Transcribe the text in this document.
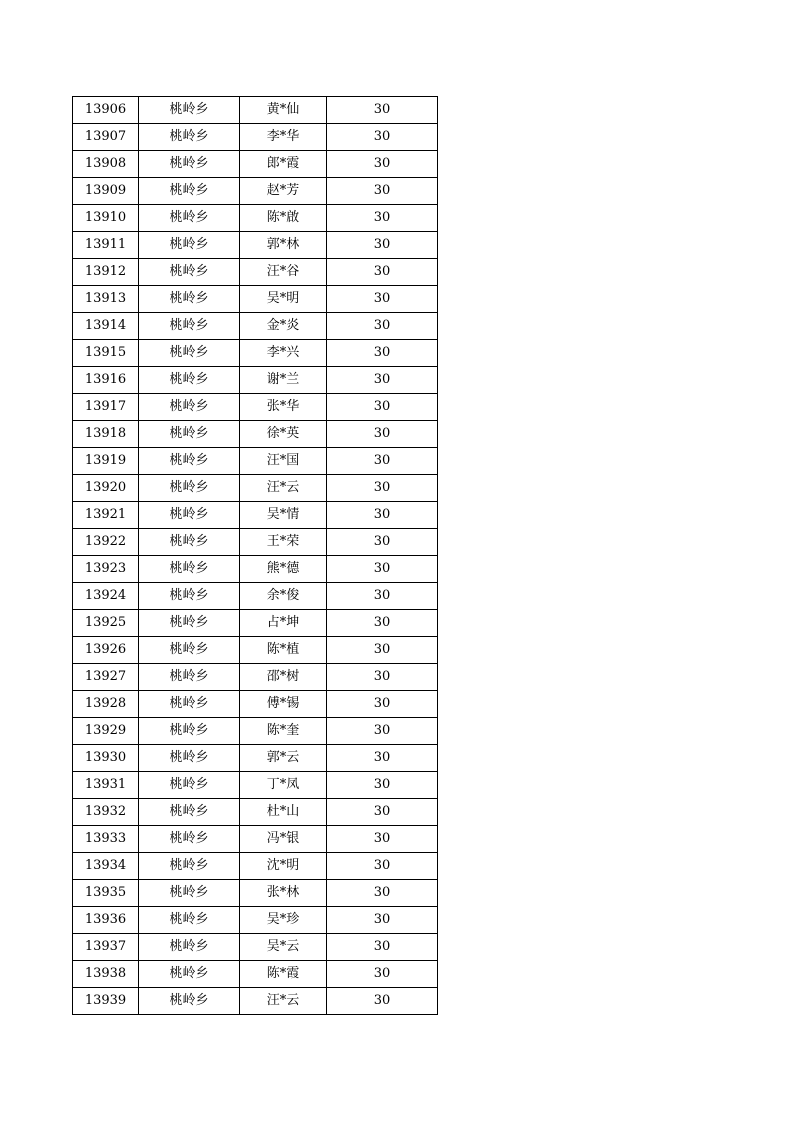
13906	桃岭乡	黄*仙	30
13907	桃岭乡	李*华	30
13908	桃岭乡	郎*霞	30
13909	桃岭乡	赵*芳	30
13910	桃岭乡	陈*啟	30
13911	桃岭乡	郭*林	30
13912	桃岭乡	汪*谷	30
13913	桃岭乡	吴*明	30
13914	桃岭乡	金*炎	30
13915	桃岭乡	李*兴	30
13916	桃岭乡	谢*兰	30
13917	桃岭乡	张*华	30
13918	桃岭乡	徐*英	30
13919	桃岭乡	汪*国	30
13920	桃岭乡	汪*云	30
13921	桃岭乡	吴*情	30
13922	桃岭乡	王*荣	30
13923	桃岭乡	熊*德	30
13924	桃岭乡	余*俊	30
13925	桃岭乡	占*坤	30
13926	桃岭乡	陈*植	30
13927	桃岭乡	邵*树	30
13928	桃岭乡	傅*锡	30
13929	桃岭乡	陈*奎	30
13930	桃岭乡	郭*云	30
13931	桃岭乡	丁*凤	30
13932	桃岭乡	杜*山	30
13933	桃岭乡	冯*银	30
13934	桃岭乡	沈*明	30
13935	桃岭乡	张*林	30
13936	桃岭乡	吴*珍	30
13937	桃岭乡	吴*云	30
13938	桃岭乡	陈*霞	30
13939	桃岭乡	汪*云	30
